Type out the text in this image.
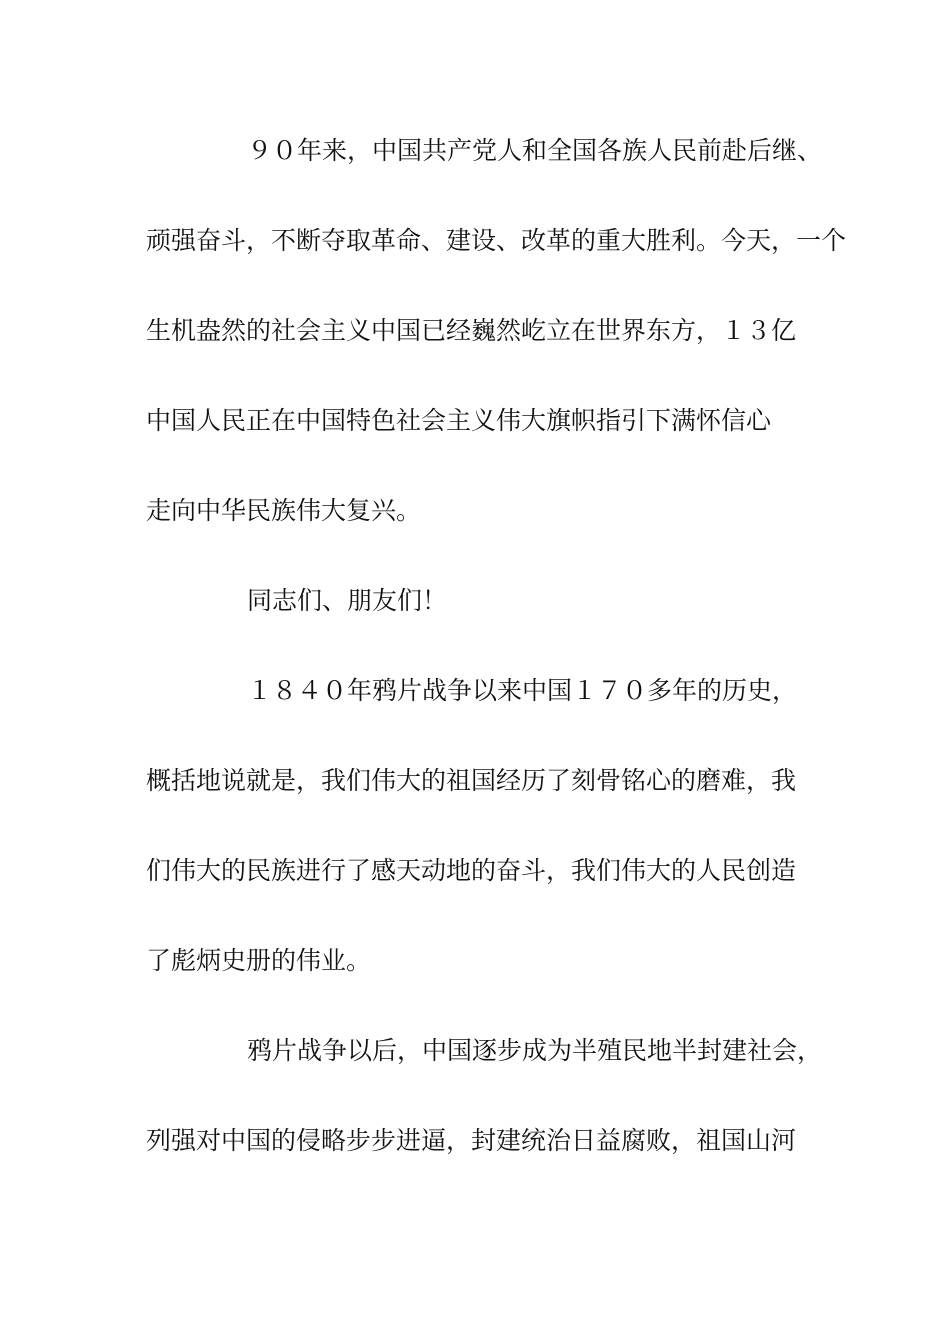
９０年来，中国共产党人和全国各族人民前赴后继、
顽强奋斗，不断夺取革命、建设、改革的重大胜利。今天，一个
生机盎然的社会主义中国已经巍然屹立在世界东方，１３亿
中国人民正在中国特色社会主义伟大旗帜指引下满怀信心
走向中华民族伟大复兴。
同志们、朋友们！
１８４０年鸦片战争以来中国１７０多年的历史，
概括地说就是，我们伟大的祖国经历了刻骨铭心的磨难，我
们伟大的民族进行了感天动地的奋斗，我们伟大的人民创造
了彪炳史册的伟业。
鸦片战争以后，中国逐步成为半殖民地半封建社会，
列强对中国的侵略步步进逼，封建统治日益腐败，祖国山河
